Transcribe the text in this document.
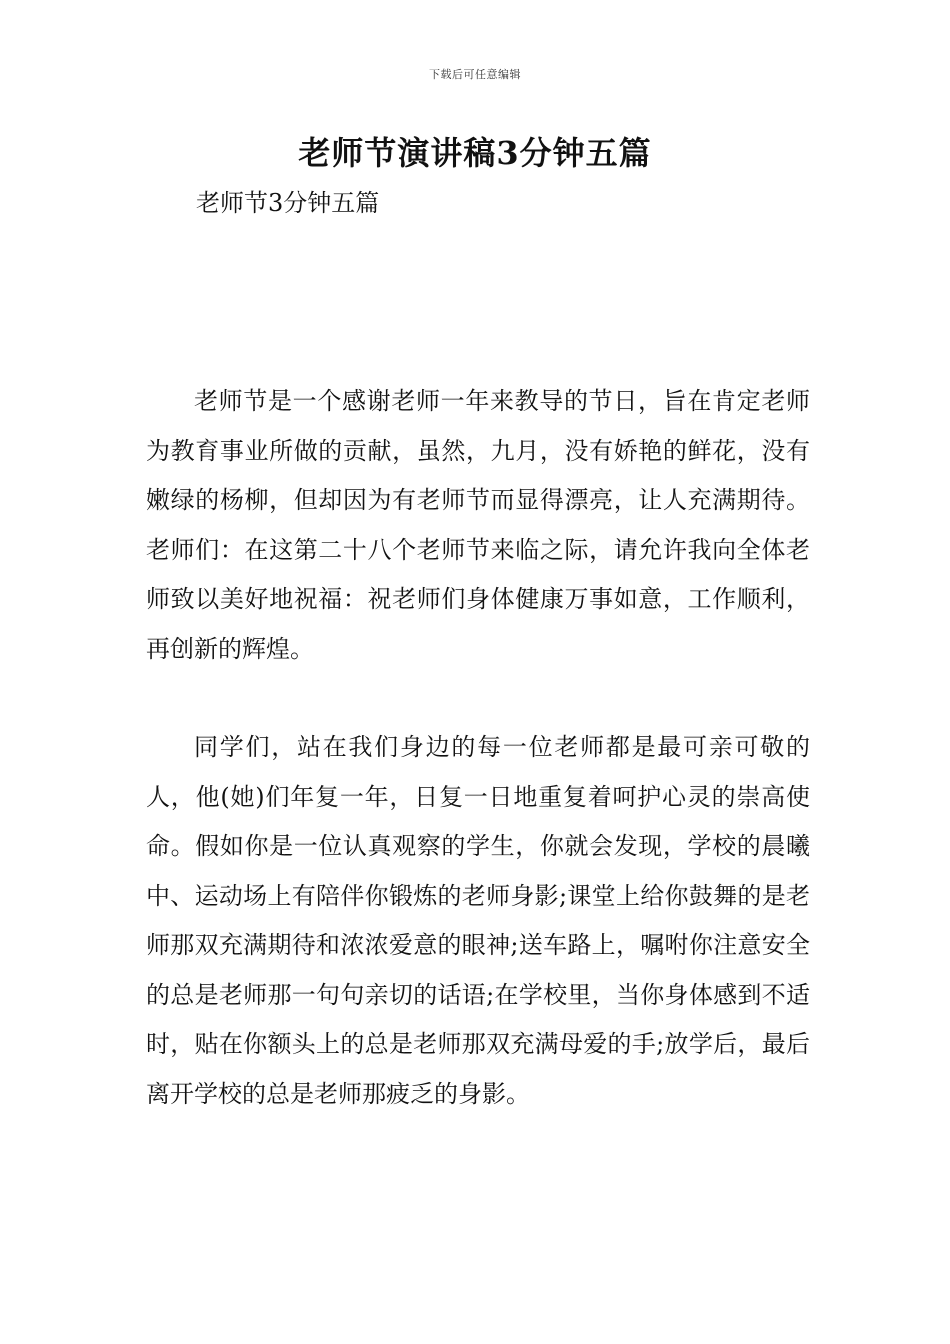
下载后可任意编辑
老师节演讲稿3分钟五篇

老师节3分钟五篇

老师节是一个感谢老师一年来教导的节日，旨在肯定老师为教育事业所做的贡献，虽然，九月，没有娇艳的鲜花，没有嫩绿的杨柳，但却因为有老师节而显得漂亮，让人充满期待。老师们：在这第二十八个老师节来临之际，请允许我向全体老师致以美好地祝福：祝老师们身体健康万事如意，工作顺利，再创新的辉煌。

同学们，站在我们身边的每一位老师都是最可亲可敬的人，他(她)们年复一年，日复一日地重复着呵护心灵的崇高使命。假如你是一位认真观察的学生，你就会发现，学校的晨曦中、运动场上有陪伴你锻炼的老师身影;课堂上给你鼓舞的是老师那双充满期待和浓浓爱意的眼神;送车路上，嘱咐你注意安全的总是老师那一句句亲切的话语;在学校里，当你身体感到不适时，贴在你额头上的总是老师那双充满母爱的手;放学后，最后离开学校的总是老师那疲乏的身影。
